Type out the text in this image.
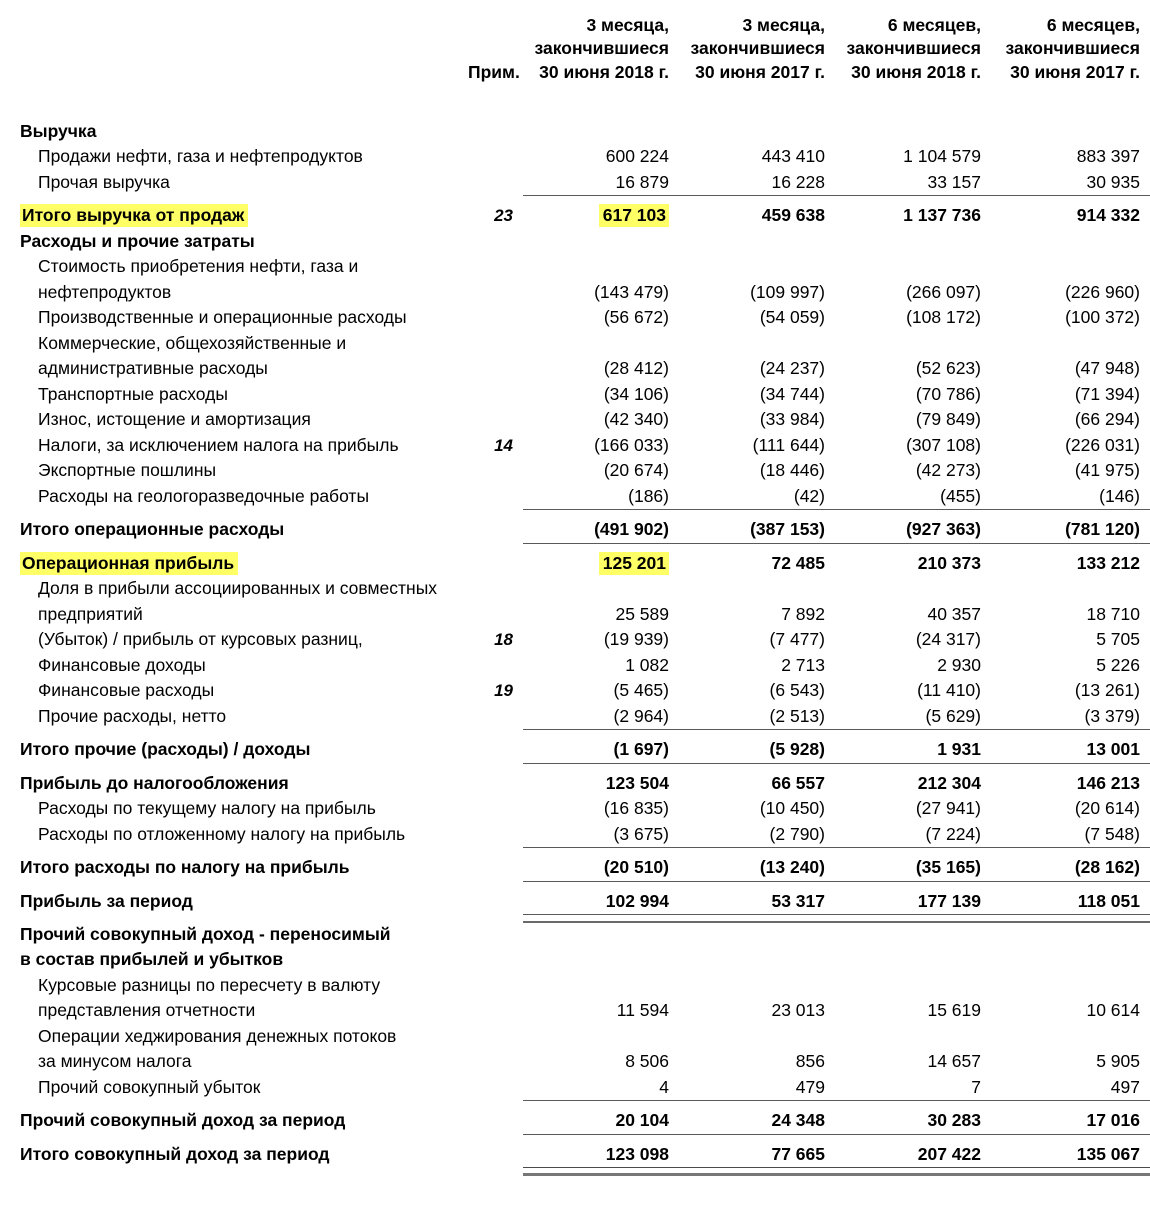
	Прим.	3 месяца,
закончившиеся
30 июня 2018 г.	3 месяца,
закончившиеся
30 июня 2017 г.	6 месяцев,
закончившиеся
30 июня 2018 г.	6 месяцев,
закончившиеся
30 июня 2017 г.

Выручка					
Продажи нефти, газа и нефтепродуктов		600 224	443 410	1 104 579	883 397
Прочая выручка		16 879	16 228	33 157	30 935

Итого выручка от продаж	23	617 103	459 638	1 137 736	914 332
Расходы и прочие затраты					
Стоимость приобретения нефти, газа и					
нефтепродуктов		(143 479)	(109 997)	(266 097)	(226 960)
Производственные и операционные расходы		(56 672)	(54 059)	(108 172)	(100 372)
Коммерческие, общехозяйственные и					
административные расходы		(28 412)	(24 237)	(52 623)	(47 948)
Транспортные расходы		(34 106)	(34 744)	(70 786)	(71 394)
Износ, истощение и амортизация		(42 340)	(33 984)	(79 849)	(66 294)
Налоги, за исключением налога на прибыль	14	(166 033)	(111 644)	(307 108)	(226 031)
Экспортные пошлины		(20 674)	(18 446)	(42 273)	(41 975)
Расходы на геологоразведочные работы		(186)	(42)	(455)	(146)

Итого операционные расходы		(491 902)	(387 153)	(927 363)	(781 120)

Операционная прибыль		125 201	72 485	210 373	133 212
Доля в прибыли ассоциированных и совместных					
предприятий		25 589	7 892	40 357	18 710
(Убыток) / прибыль от курсовых разниц,	18	(19 939)	(7 477)	(24 317)	5 705
Финансовые доходы		1 082	2 713	2 930	5 226
Финансовые расходы	19	(5 465)	(6 543)	(11 410)	(13 261)
Прочие расходы, нетто		(2 964)	(2 513)	(5 629)	(3 379)

Итого прочие (расходы) / доходы		(1 697)	(5 928)	1 931	13 001

Прибыль до налогообложения		123 504	66 557	212 304	146 213
Расходы по текущему налогу на прибыль		(16 835)	(10 450)	(27 941)	(20 614)
Расходы по отложенному налогу на прибыль		(3 675)	(2 790)	(7 224)	(7 548)

Итого расходы по налогу на прибыль		(20 510)	(13 240)	(35 165)	(28 162)

Прибыль за период		102 994	53 317	177 139	118 051

Прочий совокупный доход - переносимый					
в состав прибылей и убытков					
Курсовые разницы по пересчету в валюту					
представления отчетности		11 594	23 013	15 619	10 614
Операции хеджирования денежных потоков					
за минусом налога		8 506	856	14 657	5 905
Прочий совокупный убыток		4	479	7	497

Прочий совокупный доход за период		20 104	24 348	30 283	17 016

Итого совокупный доход за период		123 098	77 665	207 422	135 067
